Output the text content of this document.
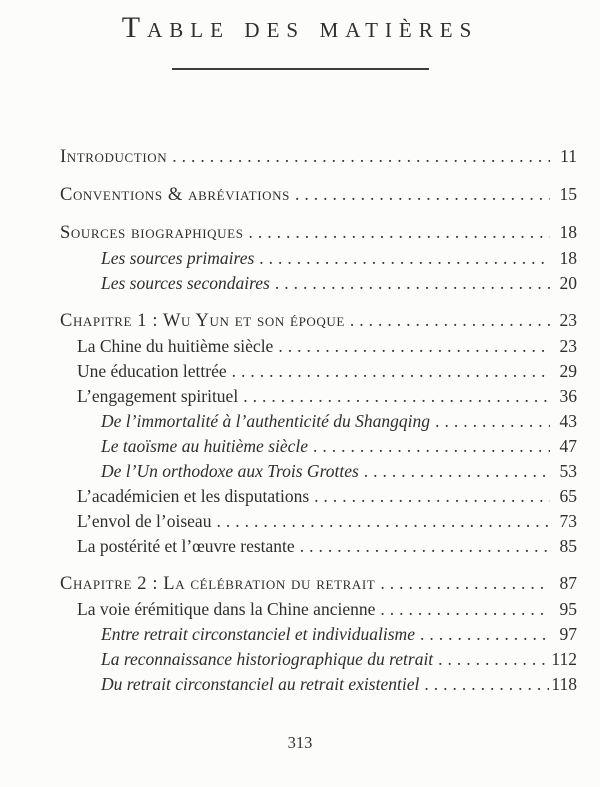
Table des matières
Introduction .....	11
Conventions & abréviations .....	15
Sources biographiques .....	18
Les sources primaires .....	18
Les sources secondaires .....	20
Chapitre 1 : Wu Yun et son époque .....	23
La Chine du huitième siècle .....	23
Une éducation lettrée .....	29
L’engagement spirituel .....	36
De l’immortalité à l’authenticité du Shangqing .....	43
Le taoïsme au huitième siècle .....	47
De l’Un orthodoxe aux Trois Grottes .....	53
L’académicien et les disputations .....	65
L’envol de l’oiseau .....	73
La postérité et l’œuvre restante .....	85
Chapitre 2 : La célébration du retrait .....	87
La voie érémitique dans la Chine ancienne .....	95
Entre retrait circonstanciel et individualisme .....	97
La reconnaissance historiographique du retrait .....	112
Du retrait circonstanciel au retrait existentiel .....	118
313
